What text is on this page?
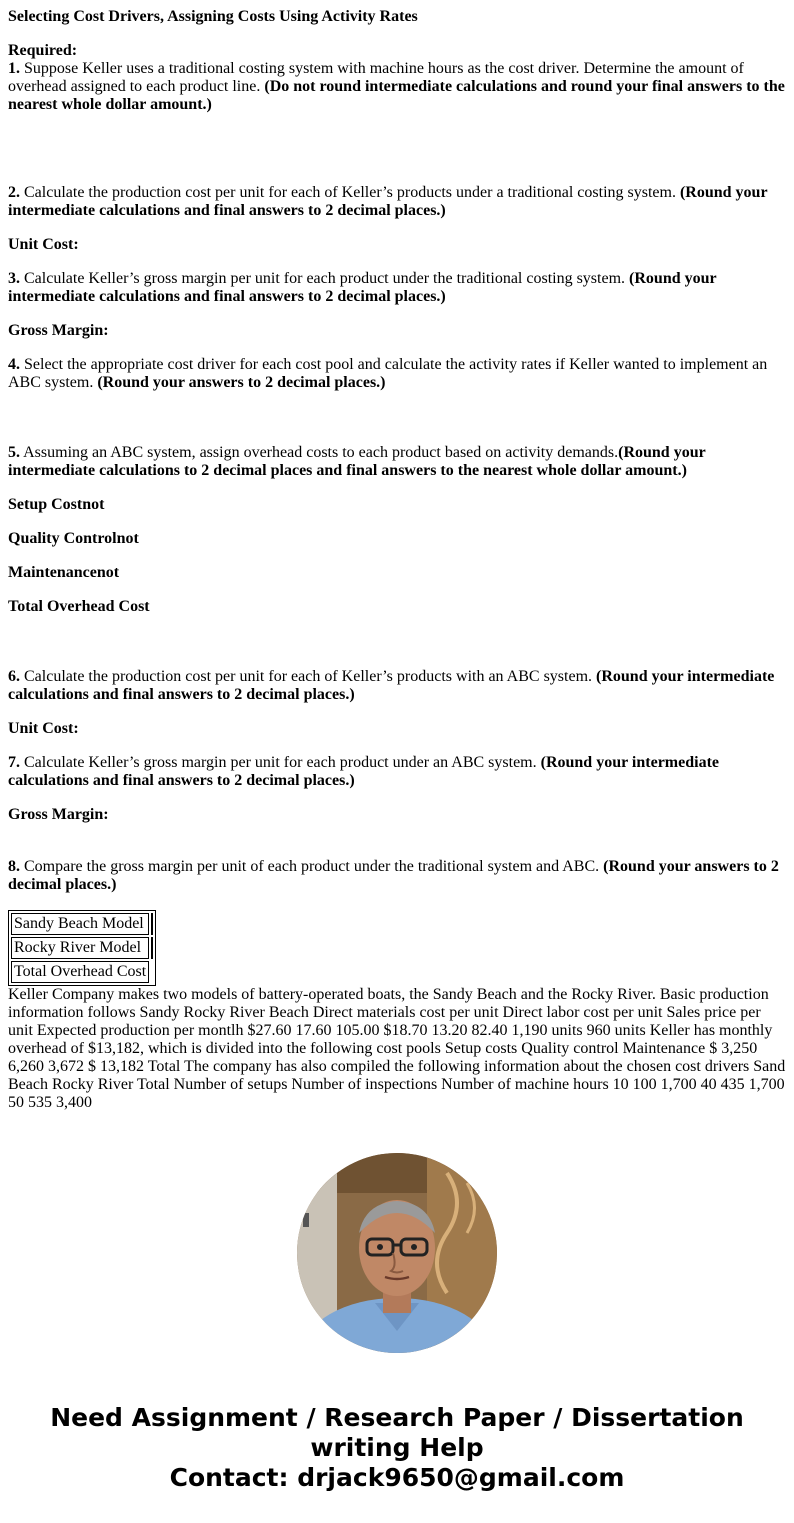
Selecting Cost Drivers, Assigning Costs Using Activity Rates

Required:

1. Suppose Keller uses a traditional costing system with machine hours as the cost driver. Determine the amount of overhead assigned to each product line. (Do not round intermediate calculations and round your final answers to the nearest whole dollar amount.)

2. Calculate the production cost per unit for each of Keller’s products under a traditional costing system. (Round your intermediate calculations and final answers to 2 decimal places.)

Unit Cost:

3. Calculate Keller’s gross margin per unit for each product under the traditional costing system. (Round your intermediate calculations and final answers to 2 decimal places.)

Gross Margin:

4. Select the appropriate cost driver for each cost pool and calculate the activity rates if Keller wanted to implement an ABC system. (Round your answers to 2 decimal places.)

5. Assuming an ABC system, assign overhead costs to each product based on activity demands.(Round your intermediate calculations to 2 decimal places and final answers to the nearest whole dollar amount.)

Setup Costnot

Quality Controlnot

Maintenancenot

Total Overhead Cost

6. Calculate the production cost per unit for each of Keller’s products with an ABC system. (Round your intermediate calculations and final answers to 2 decimal places.)

Unit Cost:

7. Calculate Keller’s gross margin per unit for each product under an ABC system. (Round your intermediate calculations and final answers to 2 decimal places.)

Gross Margin:

8. Compare the gross margin per unit of each product under the traditional system and ABC. (Round your answers to 2 decimal places.)

Sandy Beach Model	
Rocky River Model	
Total Overhead Cost	

Keller Company makes two models of battery-operated boats, the Sandy Beach and the Rocky River. Basic production information follows Sandy Rocky River Beach Direct materials cost per unit Direct labor cost per unit Sales price per unit Expected production per montlh $27.60 17.60 105.00 $18.70 13.20 82.40 1,190 units 960 units Keller has monthly overhead of $13,182, which is divided into the following cost pools Setup costs Quality control Maintenance $ 3,250 6,260 3,672 $ 13,182 Total The company has also compiled the following information about the chosen cost drivers Sand Beach Rocky River Total Number of setups Number of inspections Number of machine hours 10 100 1,700 40 435 1,700 50 535 3,400

Need Assignment / Research Paper / Dissertation
writing Help
Contact: drjack9650@gmail.com
